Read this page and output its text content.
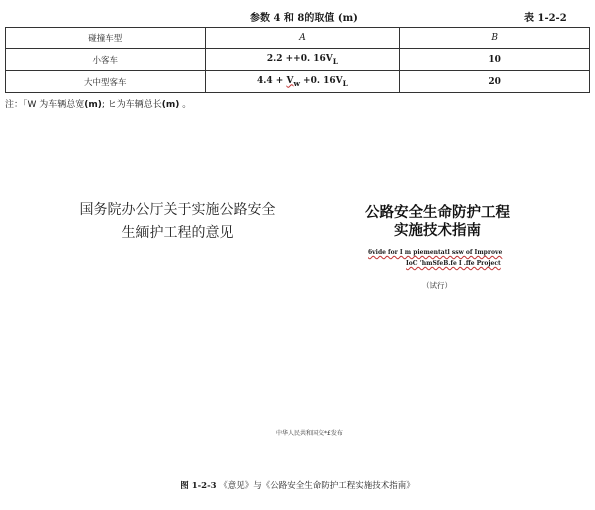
参数 4 和 8的取值 (m)	表 1-2-2
碰撞车型	A	B
小客车	2.2 ++0. $16V_L$	10
大中型客车	$4.4 + V_w +0$. $16V_L$	20
注：「W 为车辆总宽(m); ヒ为车辆总长(m) 。
国务院办公厅关于实施公路安全
生緬护工程的意见
公路安全生命防护工程
实施技术指南
6vide for I m piementatl ssw of Improve
IoC ’hmSfeB.fe I .ffe Project
（试行）
中华人民共和国交*£发布
图 1-2-3 《意见》与《公路安全生命防护工程实施技术指南》
